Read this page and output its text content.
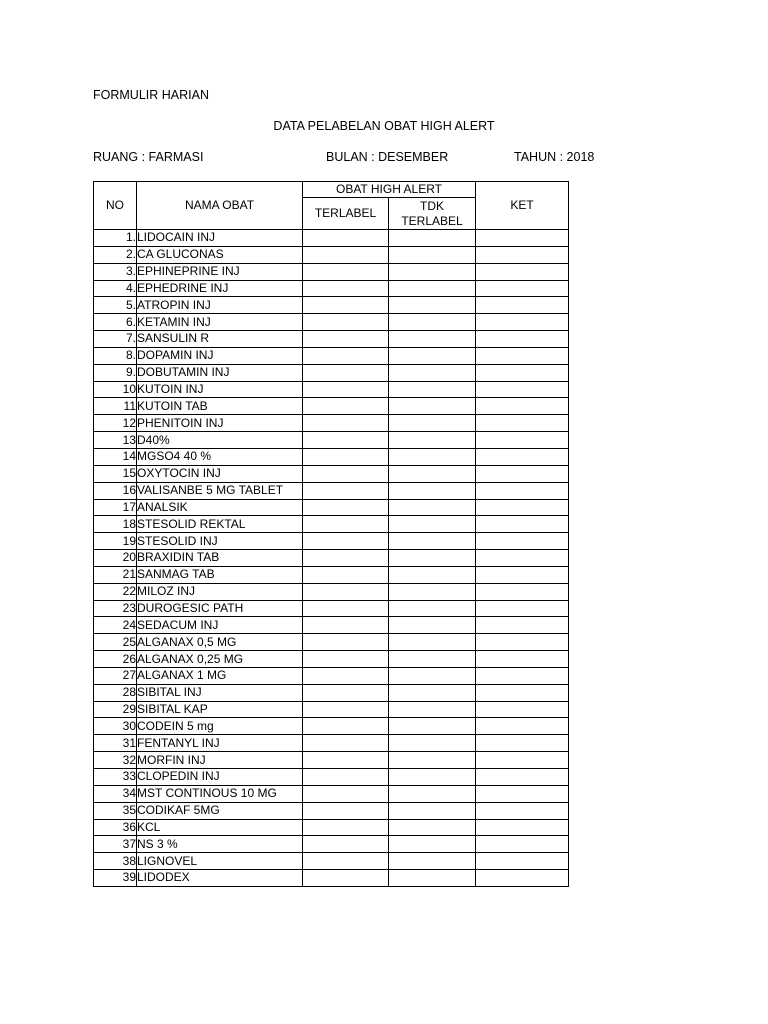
FORMULIR HARIAN
DATA PELABELAN OBAT HIGH ALERT
RUANG : FARMASI	BULAN : DESEMBER	TAHUN : 2018
NO	NAMA OBAT	OBAT HIGH ALERT		KET
		TERLABEL	TDK
TERLABEL	
1.	LIDOCAIN INJ			
2.	CA GLUCONAS			
3.	EPHINEPRINE INJ			
4.	EPHEDRINE INJ			
5.	ATROPIN INJ			
6.	KETAMIN INJ			
7.	SANSULIN R			
8.	DOPAMIN INJ			
9.	DOBUTAMIN INJ			
10	KUTOIN INJ			
11	KUTOIN TAB			
12	PHENITOIN INJ			
13	D40%			
14	MGSO4 40 %			
15	OXYTOCIN INJ			
16	VALISANBE 5 MG TABLET			
17	ANALSIK			
18	STESOLID REKTAL			
19	STESOLID INJ			
20	BRAXIDIN TAB			
21	SANMAG TAB			
22	MILOZ INJ			
23	DUROGESIC PATH			
24	SEDACUM INJ			
25	ALGANAX 0,5 MG			
26	ALGANAX 0,25 MG			
27	ALGANAX 1 MG			
28	SIBITAL INJ			
29	SIBITAL KAP			
30	CODEIN 5 mg			
31	FENTANYL INJ			
32	MORFIN INJ			
33	CLOPEDIN INJ			
34	MST CONTINOUS 10 MG			
35	CODIKAF 5MG			
36	KCL			
37	NS 3 %			
38	LIGNOVEL			
39	LIDODEX			
